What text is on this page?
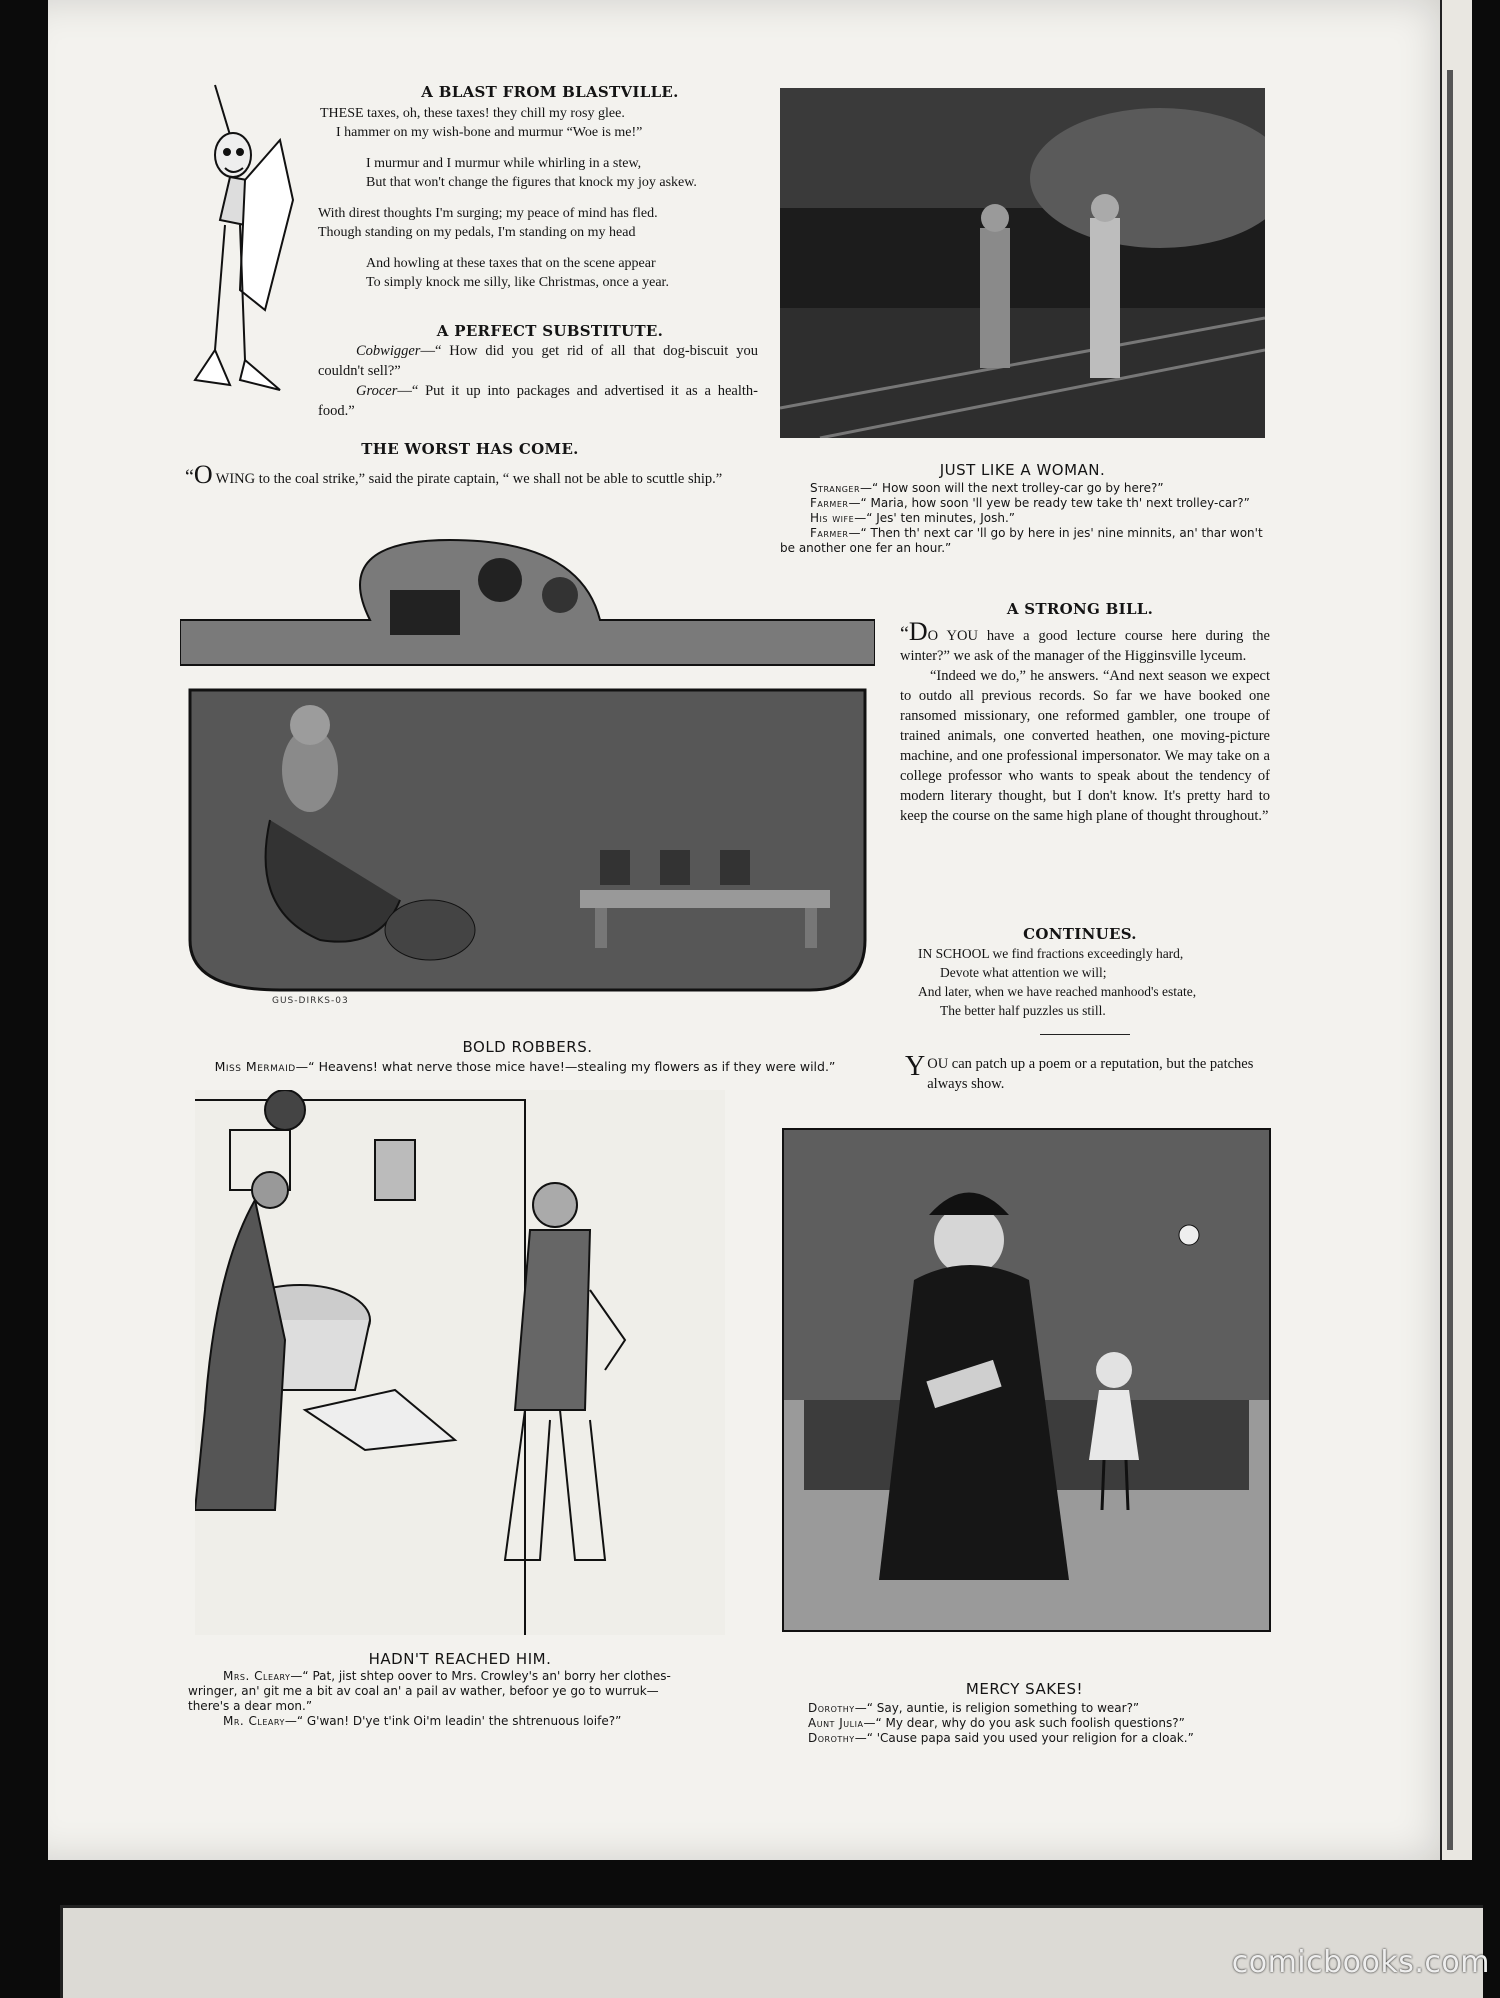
A BLAST FROM BLASTVILLE.
THESE taxes, oh, these taxes! they chill my rosy glee.
I hammer on my wish-bone and murmur “Woe is me!”
I murmur and I murmur while whirling in a stew,
But that won't change the figures that knock my joy askew.
With direst thoughts I'm surging; my peace of mind has fled.
Though standing on my pedals, I'm standing on my head
And howling at these taxes that on the scene appear
To simply knock me silly, like Christmas, once a year.
A PERFECT SUBSTITUTE.
Cobwigger—“ How did you get rid of all that dog-biscuit you couldn't sell?”
Grocer—“ Put it up into packages and advertised it as a health-food.”
THE WORST HAS COME.
“O WING to the coal strike,” said the pirate captain, “ we shall not be able to scuttle ship.”	JUST LIKE A WOMAN.
Stranger—“ How soon will the next trolley-car go by here?”
Farmer—“ Maria, how soon 'll yew be ready tew take th' next trolley-car?”
His wife—“ Jes' ten minutes, Josh.”
Farmer—“ Then th' next car 'll go by here in jes' nine minnits, an' thar won't be another one fer an hour.”
GUS-DIRKS-03
BOLD ROBBERS.
Miss Mermaid—“ Heavens! what nerve those mice have!—stealing my flowers as if they were wild.”
A STRONG BILL.
“DO YOU have a good lecture course here during the winter?” we ask of the manager of the Higginsville lyceum.
“Indeed we do,” he answers. “And next season we expect to outdo all previous records. So far we have booked one ransomed missionary, one reformed gambler, one troupe of trained animals, one converted heathen, one moving-picture machine, and one professional impersonator. We may take on a college professor who wants to speak about the tendency of modern literary thought, but I don't know. It's pretty hard to keep the course on the same high plane of thought throughout.”
CONTINUES.
IN SCHOOL we find fractions exceedingly hard,
Devote what attention we will;
And later, when we have reached manhood's estate,
The better half puzzles us still.
YOU can patch up a poem or a reputation, but the patches always show.
HADN'T REACHED HIM.
Mrs. Cleary—“ Pat, jist shtep oover to Mrs. Crowley's an' borry her clothes-wringer, an' git me a bit av coal an' a pail av wather, befoor ye go to wurruk—there's a dear mon.”
Mr. Cleary—“ G'wan! D'ye t'ink Oi'm leadin' the shtrenuous loife?”
MERCY SAKES!
Dorothy—“ Say, auntie, is religion something to wear?”
Aunt Julia—“ My dear, why do you ask such foolish questions?”
Dorothy—“ 'Cause papa said you used your religion for a cloak.”
comicbooks.com
